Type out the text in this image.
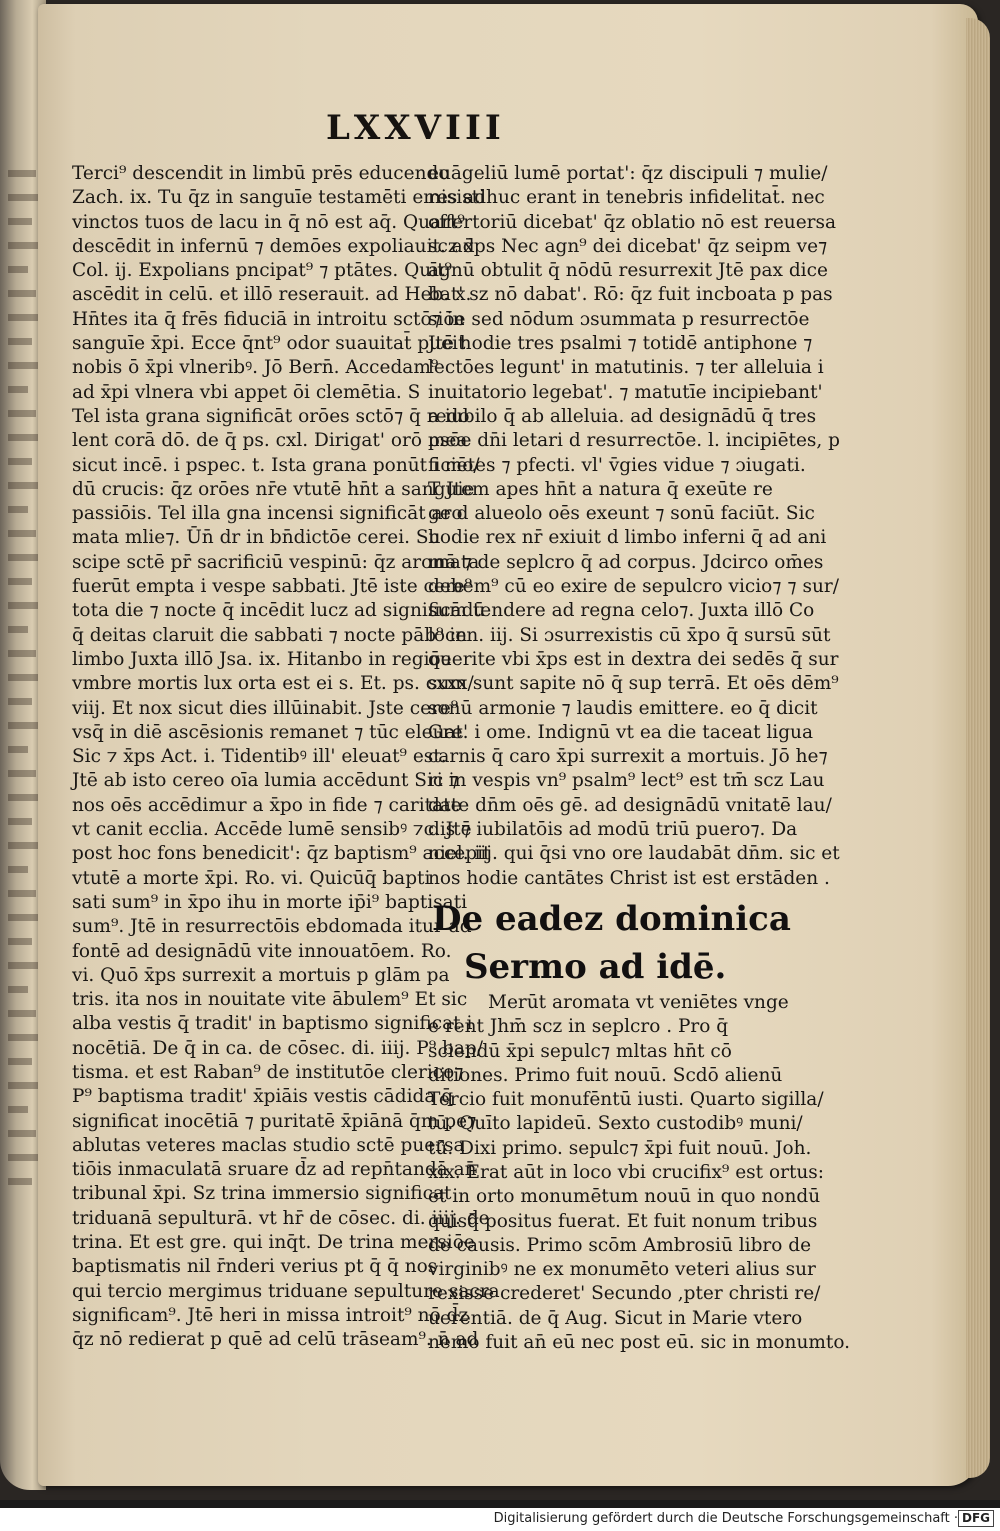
LXXVIII
Terci⁹ descendit in limbū prēs educendo
Zach. ix. Tu q̄z in sanguīe testamēti emisisti
vinctos tuos de lacu in q̄ nō est aq̄. Quart⁹
descēdit in infernū ⁊ demōes expoliauit. ad
Col. ij. Expolians pncipat⁹ ⁊ ptātes. Quīt⁹
ascēdit in celū. et illō reserauit. ad Heb. x.
Hn̄tes ita q̄ frēs fiduciā in introitu sctō⁊ in
sanguīe x̄pi. Ecce q̄nt⁹ odor suauitat̄ pueit
nobis ō x̄pi vlneribꝰ. Jō Bern̄. Accedam⁹
ad x̄pi vlnera vbi appet ōi clemētia. S
Tel ista grana significāt orōes sctō⁊ q̄ redo
lent corā dō. de q̄ ps. cxl. Dirigat' orō mea
sicut incē. i pspec. t. Ista grana ponūt ī mo/
dū crucis: q̄z orōes nr̄e vtutē hn̄t a sanguie
passiōis. Tel illa gna incensi significāt aro
mata mlie⁊. Ūn̄ dr in bn̄dictōe cerei. Su
scipe sctē pr̄ sacrificiū vespinū: q̄z aromata
fuerūt empta i vespe sabbati. Jtē iste cere⁹
tota die ⁊ nocte q̄ incēdit lucz ad significādū
q̄ deitas claruit die sabbati ⁊ nocte pāb⁹ in
limbo Juxta illō Jsa. ix. Hitanbo in regiōe
vmbre mortis lux orta est ei s. Et. ps. cxxx/
viij. Et nox sicut dies illūinabit. Jste cere⁹
vsq̄ in diē ascēsionis remanet ⁊ tūc eleuat'
Sic ⁊ x̄ps Act. i. Tidentibꝰ ill' eleuat⁹ est.
Jtē ab isto cereo oīa lumia accēdunt Sic ⁊
nos oēs accēdimur a x̄po in fide ⁊ caritate
vt canit ecclia. Accēde lumē sensibꝰ ⁊c. Jtē
post hoc fons benedicit': q̄z baptism⁹ accepit
vtutē a morte x̄pi. Ro. vi. Quicūq̄ bapti
sati sum⁹ in x̄po ihu in morte ip̄i⁹ baptisati
sum⁹. Jtē in resurrectōis ebdomada itur ad
fontē ad designādū vite innouatōem. Ro.
vi. Quō x̄ps surrexit a mortuis p glām pa
tris. ita nos in nouitate vite ābulem⁹ Et sic
alba vestis q̄ tradit' in baptismo significat i
nocētiā. De q̄ in ca. de cōsec. di. iiij. P⁹ bap/
tisma. et est Raban⁹ de institutōe clerico⁊
P⁹ baptisma tradit' x̄piāis vestis cādida q̄
significat inocētiā ⁊ puritatē x̄piānā q̄m pe⁊
ablutas veteres maclas studio sctē puersa
tiōis inmaculatā sruare d̄z ad repn̄tandā an̄
tribunal x̄pi. Sz trina immersio significat
triduanā sepulturā. vt hr̄ de cōsec. di. iiij. de
trina. Et est gre. qui inq̄t. De trina mersiōe
baptismatis nil r̄nderi verius pt q̄ q̄ nos
qui tercio mergimus triduane sepulture sacra
significam⁹. Jtē heri in missa introit⁹ nō d̄z
q̄z nō redierat p quē ad celū trāseam⁹. n̄ ad
euāgeliū lumē portat': q̄z discipuli ⁊ mulie/
res adhuc erant in tenebris infidelitat̄. nec
offertoriū dicebat' q̄z oblatio nō est reuersa
scz x̄ps Nec agn⁹ dei dicebat' q̄z seipm ve⁊
agnū obtulit q̄ nōdū resurrexit Jtē pax dice
bat' sz nō dabat'. Rō: q̄z fuit incboata p pas
siōe sed nōdum ɔsummata p resurrectōe
Jtē hodie tres psalmi ⁊ totidē antiphone ⁊
lectōes legunt' in matutinis. ⁊ ter alleluia i
inuitatorio legebat'. ⁊ matutīe incipiebant'
a iubilo q̄ ab alleluia. ad designādū q̄ tres
psōe dn̄i letari d resurrectōe. l. incipiētes, p
ficiētes ⁊ pfecti. vl' v̄gies vidue ⁊ ɔiugati.
T Jtem apes hn̄t a natura q̄ exeūte re
ge d alueolo oēs exeunt ⁊ sonū faciūt. Sic
hodie rex nr̄ exiuit d limbo inferni q̄ ad ani
mā ⁊ de seplcro q̄ ad corpus. Jdcirco om̄es
debem⁹ cū eo exire de sepulcro vicio⁊ ⁊ sur/
sum tendere ad regna celo⁊. Juxta illō Co
locen. iij. Si ɔsurrexistis cū x̄po q̄ sursū sūt
querite vbi x̄ps est in dextra dei sedēs q̄ sur
sum sunt sapite nō q̄ sup terrā. Et oēs dēm⁹
sonū armonie ⁊ laudis emittere. eo q̄ dicit
Gre. i ome. Indignū vt ea die taceat ligua
carnis q̄ caro x̄pi surrexit a mortuis. Jō he⁊
ri in vespis vn⁹ psalm⁹ lect⁹ est tm̄ scz Lau
date dn̄m oēs gē. ad designādū vnitatē lau/
dis ⁊ iubilatōis ad modū triū puero⁊. Da
niel. iij. qui q̄si vno ore laudabāt dn̄m. sic et
nos hodie cantātes Christ ist est erstāden .
De eadez dominica
Sermo ad idē.
Merūt aromata vt veniētes vnge
e rent Jhm̄ scz in seplcro . Pro q̄
sciendū x̄pi sepulc⁊ mltas hn̄t cō
ditiones. Primo fuit nouū. Scdō alienū
Tercio fuit monufēntū iusti. Quarto sigilla/
tū. Quīto lapideū. Sexto custodibꝰ muni/
tū. Dixi primo. sepulc⁊ x̄pi fuit nouū. Joh.
xix. Erat aūt in loco vbi crucifix⁹ est ortus:
et in orto monumētum nouū in quo nondū
quisq̄ positus fuerat. Et fuit nonum tribus
de causis. Primo scōm Ambrosiū libro de
virginibꝰ ne ex monumēto veteri alius sur
rexisse crederet' Secundo ,pter christi re/
uerentiā. de q̄ Aug. Sicut in Marie vtero
nemo fuit an̄ eū nec post eū. sic in monumto.
Digitalisierung gefördert durch die Deutsche Forschungsgemeinschaft · DFG
